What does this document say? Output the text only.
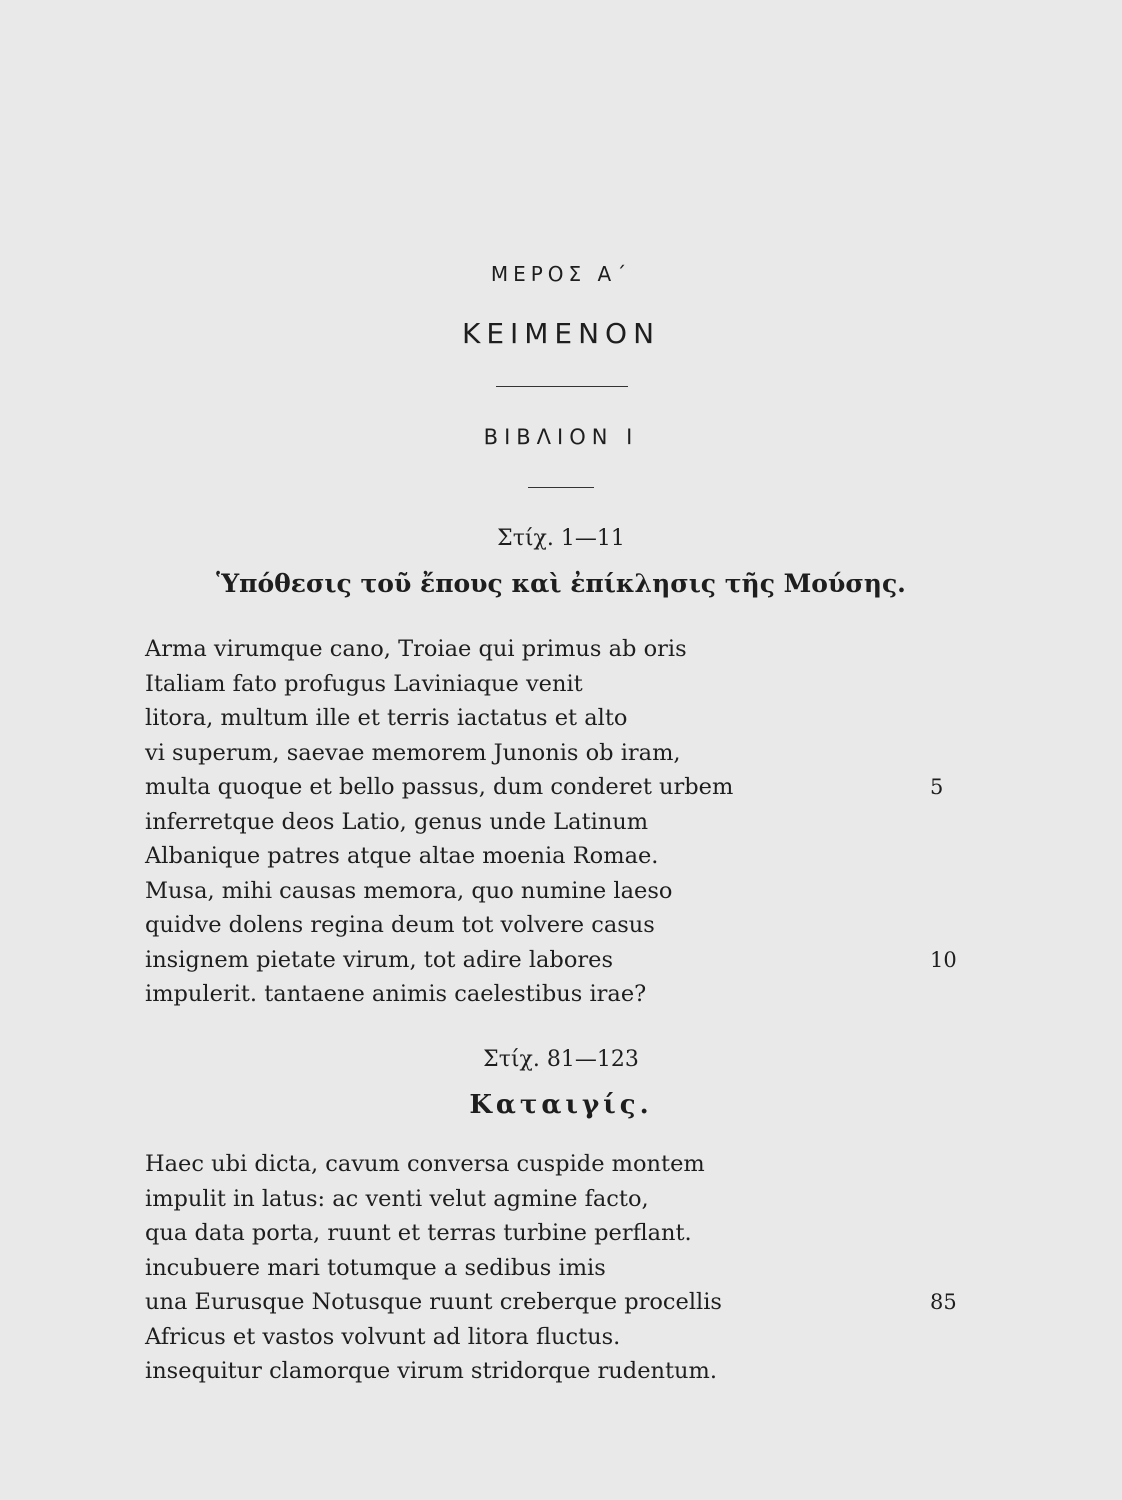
ΜΕΡΟΣ Α΄
ΚΕΙΜΕΝΟΝ
ΒΙΒΛΙΟΝ Ι
Στίχ. 1—11
Ὑπόθεσις τοῦ ἔπους καὶ ἐπίκλησις τῆς Μούσης.
Arma virumque cano, Troiae qui primus ab oris
Italiam fato profugus Laviniaque venit
litora, multum ille et terris iactatus et alto
vi superum, saevae memorem Junonis ob iram,
multa quoque et bello passus, dum conderet urbem	5
inferretque deos Latio, genus unde Latinum
Albanique patres atque altae moenia Romae.
Musa, mihi causas memora, quo numine laeso
quidve dolens regina deum tot volvere casus
insignem pietate virum, tot adire labores	10
impulerit. tantaene animis caelestibus irae?
Στίχ. 81—123
Καταιγίς.
Haec ubi dicta, cavum conversa cuspide montem
impulit in latus: ac venti velut agmine facto,
qua data porta, ruunt et terras turbine perflant.
incubuere mari totumque a sedibus imis
una Eurusque Notusque ruunt creberque procellis	85
Africus et vastos volvunt ad litora fluctus.
insequitur clamorque virum stridorque rudentum.
